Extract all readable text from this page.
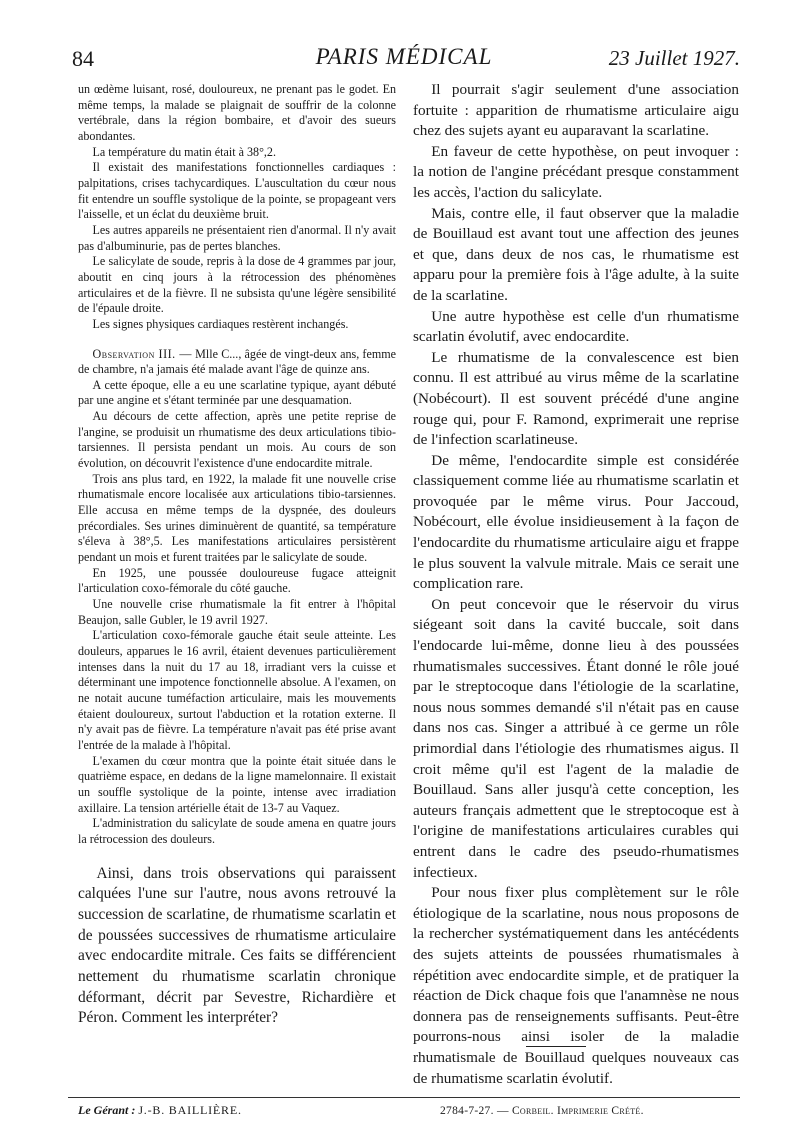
84	PARIS MÉDICAL	23 Juillet 1927.

un œdème luisant, rosé, douloureux, ne prenant pas le godet. En même temps, la malade se plaignait de souffrir de la colonne vertébrale, dans la région bombaire, et d'avoir des sueurs abondantes.

La température du matin était à 38°,2.

Il existait des manifestations fonctionnelles cardiaques : palpitations, crises tachycardiques. L'auscultation du cœur nous fit entendre un souffle systolique de la pointe, se propageant vers l'aisselle, et un éclat du deuxième bruit.

Les autres appareils ne présentaient rien d'anormal. Il n'y avait pas d'albuminurie, pas de pertes blanches.

Le salicylate de soude, repris à la dose de 4 grammes par jour, aboutit en cinq jours à la rétrocession des phénomènes articulaires et de la fièvre. Il ne subsista qu'une légère sensibilité de l'épaule droite.

Les signes physiques cardiaques restèrent inchangés.

Observation III. — Mlle C..., âgée de vingt-deux ans, femme de chambre, n'a jamais été malade avant l'âge de quinze ans.

A cette époque, elle a eu une scarlatine typique, ayant débuté par une angine et s'étant terminée par une desquamation.

Au décours de cette affection, après une petite reprise de l'angine, se produisit un rhumatisme des deux articulations tibio-tarsiennes. Il persista pendant un mois. Au cours de son évolution, on découvrit l'existence d'une endocardite mitrale.

Trois ans plus tard, en 1922, la malade fit une nouvelle crise rhumatismale encore localisée aux articulations tibio-tarsiennes. Elle accusa en même temps de la dyspnée, des douleurs précordiales. Ses urines diminuèrent de quantité, sa température s'éleva à 38°,5. Les manifestations articulaires persistèrent pendant un mois et furent traitées par le salicylate de soude.

En 1925, une poussée douloureuse fugace atteignit l'articulation coxo-fémorale du côté gauche.

Une nouvelle crise rhumatismale la fit entrer à l'hôpital Beaujon, salle Gubler, le 19 avril 1927.

L'articulation coxo-fémorale gauche était seule atteinte. Les douleurs, apparues le 16 avril, étaient devenues particulièrement intenses dans la nuit du 17 au 18, irradiant vers la cuisse et déterminant une impotence fonctionnelle absolue. A l'examen, on ne notait aucune tuméfaction articulaire, mais les mouvements étaient douloureux, surtout l'abduction et la rotation externe. Il n'y avait pas de fièvre. La température n'avait pas été prise avant l'entrée de la malade à l'hôpital.

L'examen du cœur montra que la pointe était située dans le quatrième espace, en dedans de la ligne mamelonnaire. Il existait un souffle systolique de la pointe, intense avec irradiation axillaire. La tension artérielle était de 13-7 au Vaquez.

L'administration du salicylate de soude amena en quatre jours la rétrocession des douleurs.

Ainsi, dans trois observations qui paraissent calquées l'une sur l'autre, nous avons retrouvé la succession de scarlatine, de rhumatisme scarlatin et de poussées successives de rhumatisme articulaire avec endocardite mitrale. Ces faits se différencient nettement du rhumatisme scarlatin chronique déformant, décrit par Sevestre, Richardière et Péron. Comment les interpréter?

Il pourrait s'agir seulement d'une association fortuite : apparition de rhumatisme articulaire aigu chez des sujets ayant eu auparavant la scarlatine.

En faveur de cette hypothèse, on peut invoquer : la notion de l'angine précédant presque constamment les accès, l'action du salicylate.

Mais, contre elle, il faut observer que la maladie de Bouillaud est avant tout une affection des jeunes et que, dans deux de nos cas, le rhumatisme est apparu pour la première fois à l'âge adulte, à la suite de la scarlatine.

Une autre hypothèse est celle d'un rhumatisme scarlatin évolutif, avec endocardite.

Le rhumatisme de la convalescence est bien connu. Il est attribué au virus même de la scarlatine (Nobécourt). Il est souvent précédé d'une angine rouge qui, pour F. Ramond, exprimerait une reprise de l'infection scarlatineuse.

De même, l'endocardite simple est considérée classiquement comme liée au rhumatisme scarlatin et provoquée par le même virus. Pour Jaccoud, Nobécourt, elle évolue insidieusement à la façon de l'endocardite du rhumatisme articulaire aigu et frappe le plus souvent la valvule mitrale. Mais ce serait une complication rare.

On peut concevoir que le réservoir du virus siégeant soit dans la cavité buccale, soit dans l'endocarde lui-même, donne lieu à des poussées rhumatismales successives. Étant donné le rôle joué par le streptocoque dans l'étiologie de la scarlatine, nous nous sommes demandé s'il n'était pas en cause dans nos cas. Singer a attribué à ce germe un rôle primordial dans l'étiologie des rhumatismes aigus. Il croit même qu'il est l'agent de la maladie de Bouillaud. Sans aller jusqu'à cette conception, les auteurs français admettent que le streptocoque est à l'origine de manifestations articulaires curables qui entrent dans le cadre des pseudo-rhumatismes infectieux.

Pour nous fixer plus complètement sur le rôle étiologique de la scarlatine, nous nous proposons de la rechercher systématiquement dans les antécédents des sujets atteints de poussées rhumatismales à répétition avec endocardite simple, et de pratiquer la réaction de Dick chaque fois que l'anamnèse ne nous donnera pas de renseignements suffisants. Peut-être pourrons-nous ainsi isoler de la maladie rhumatismale de Bouillaud quelques nouveaux cas de rhumatisme scarlatin évolutif.

Le Gérant : J.-B. BAILLIÈRE.	2784-7-27. — Corbeil. Imprimerie Crété.
